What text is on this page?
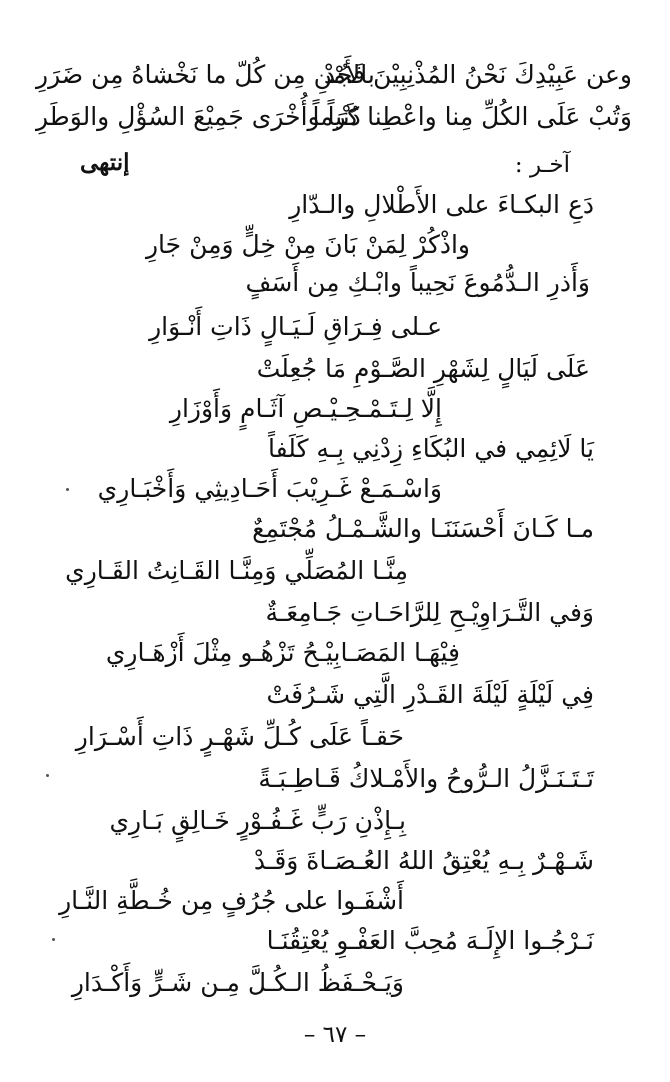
وعن عَبِيْدِكَ نَحْنُ المُذْنِبِيْنَ فَجُدْ
بالأَمْنِ مِن كُلّ ما نَخْشاهُ مِن ضَرَرِ
وَتُبْ عَلَى الكُلِّ مِنا واعْطِنا كَرَماً
دُنْياً وأُخْرَى جَمِيْعَ السُؤْلِ والوَطَرِ
إنتهى	آخـر :
دَعِ البكـاءَ على الأَطْلالِ والـدّارِ
واذْكُرْ لِمَنْ بَانَ مِنْ خِلٍّ وَمِنْ جَارِ
وَأَذرِ الـدُّمُوعَ نَحِيباً وابْـكِ مِن أَسَفٍ
عـلى فِـرَاقِ لَـيَـالٍ ذَاتِ أَنْـوَارِ
عَلَى لَيَالٍ لِشَهْرِ الصَّـوْمِ مَا جُعِلَتْ
إِلَّا لِـتَـمْـحِـيْـصِ آثَـامٍ وَأَوْزَارِ
يَا لَائِمِي في البُكَاءِ زِدْنِي بِـهِ كَلَفاً
وَاسْـمَـعْ غَـرِيْبَ أَحَـادِيثِي وَأَخْبَـارِي
مـا كَـانَ أَحْسَنَنَـا والشَّـمْـلُ مُجْتَمِعٌ
مِنَّـا المُصَلِّي وَمِنَّـا القَـانِتُ القَـارِي
وَفي التَّـرَاوِيْـحِ لِلرَّاحَـاتِ جَـامِعَـةٌ
فِيْهَـا المَصَـابِيْـحُ تَزْهُـو مِثْلَ أَزْهَـارِي
فِي لَيْلَةٍ لَيْلَةَ القَـدْرِ الَّتِي شَـرُفَتْ
حَقـاً عَلَى كُـلِّ شَهْـرٍ ذَاتِ أَسْـرَارِ
تَـتَـنَـزَّلُ الـرُّوحُ والأَمْـلاكُ قَـاطِـبَـةً
بِـإِذْنِ رَبٍّ غَـفُـوْرٍ خَـالِقٍ بَـارِي
شَـهْـرٌ بِـهِ يُعْتِقُ اللهُ العُـصَـاةَ وَقَـدْ
أَشْفَـوا على جُرُفٍ مِن خُـطَّةِ النَّـارِ
نَـرْجُـوا الإِلَـهَ مُحِبَّ العَفْـوِ يُعْتِقُنَـا
وَيَـحْـفَظُ الـكُـلَّ مِـن شَـرٍّ وَأَكْـدَارِ
– ٦٧ –
